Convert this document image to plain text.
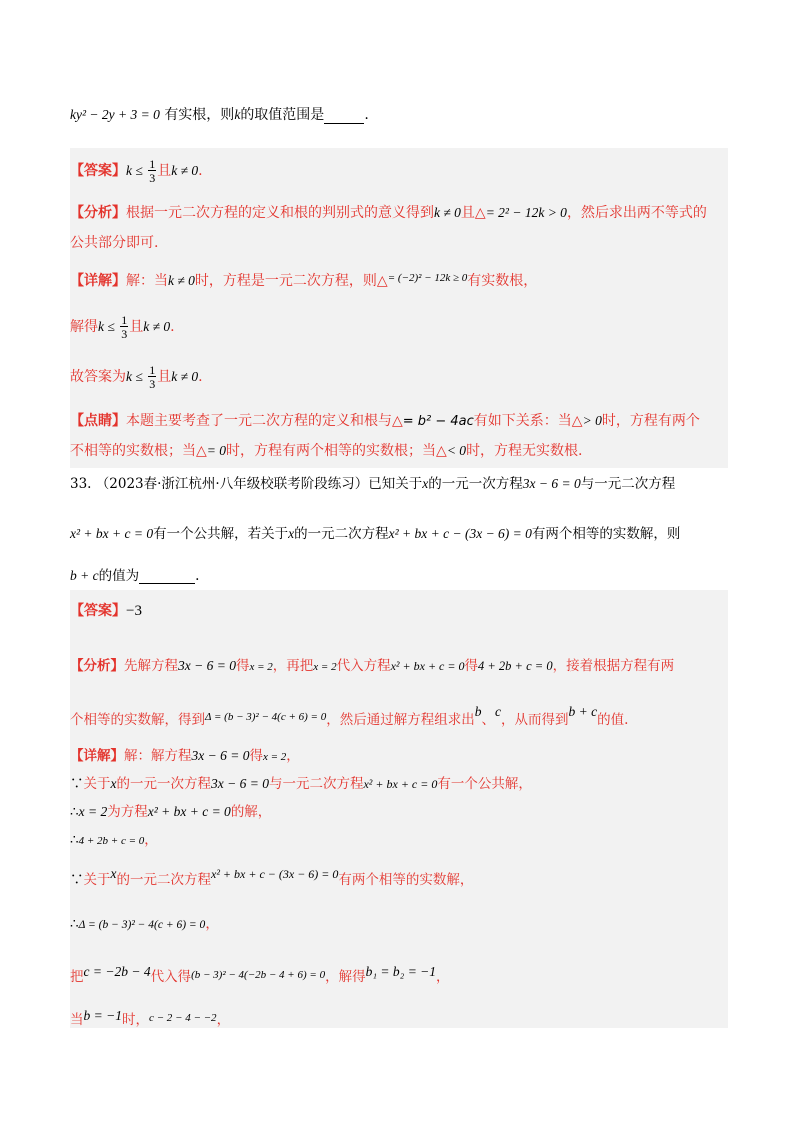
ky² − 2y + 3 = 0 有实根，则k的取值范围是	.
【答案】$k \le \frac{1}{3}$ 且k ≠ 0.
【分析】根据一元二次方程的定义和根的判别式的意义得到k ≠ 0且△= 2² − 12k > 0，然后求出两不等式的
公共部分即可.
【详解】解：当k ≠ 0时，方程是一元二次方程，则△$^{= (-2)^2 - 12k \ge 0}$有实数根，
解得$k \le \frac{1}{3}$ 且k ≠ 0.
故答案为$k \le \frac{1}{3}$ 且k ≠ 0.
【点睛】本题主要考查了一元二次方程的定义和根与△= b² − 4ac有如下关系：当△> 0时，方程有两个
不相等的实数根；当△= 0时，方程有两个相等的实数根；当△< 0时，方程无实数根.
33. （2023春·浙江杭州·八年级校联考阶段练习）已知关于x的一元一次方程3x − 6 = 0与一元二次方程
x² + bx + c = 0有一个公共解，若关于x的一元二次方程x² + bx + c − (3x − 6) = 0有两个相等的实数解，则
b + c的值为	.
【答案】−3
【分析】先解方程3x − 6 = 0得x = 2，再把x = 2代入方程x² + bx + c = 0得4 + 2b + c = 0，接着根据方程有两
个相等的实数解，得到$^{\Delta = (b - 3)^2 - 4(c + 6) = 0}$，然后通过解方程组求出b、c，从而得到b + c的值.
【详解】解：解方程3x − 6 = 0得x = 2，
∵关于x的一元一次方程3x − 6 = 0与一元二次方程x² + bx + c = 0有一个公共解，
∴x = 2为方程x² + bx + c = 0的解，
∴4 + 2b + c = 0，
∵关于x的一元二次方程x² + bx + c − (3x − 6) = 0有两个相等的实数解，
∴Δ = (b − 3)² − 4(c + 6) = 0，
把c = −2b − 4代入得$^{(b - 3)^2 - 4(-2b - 4 + 6) = 0}$，解得b₁ = b₂ = −1，
当b = −1时，$^{c - 2 - 4 - -2}$，
